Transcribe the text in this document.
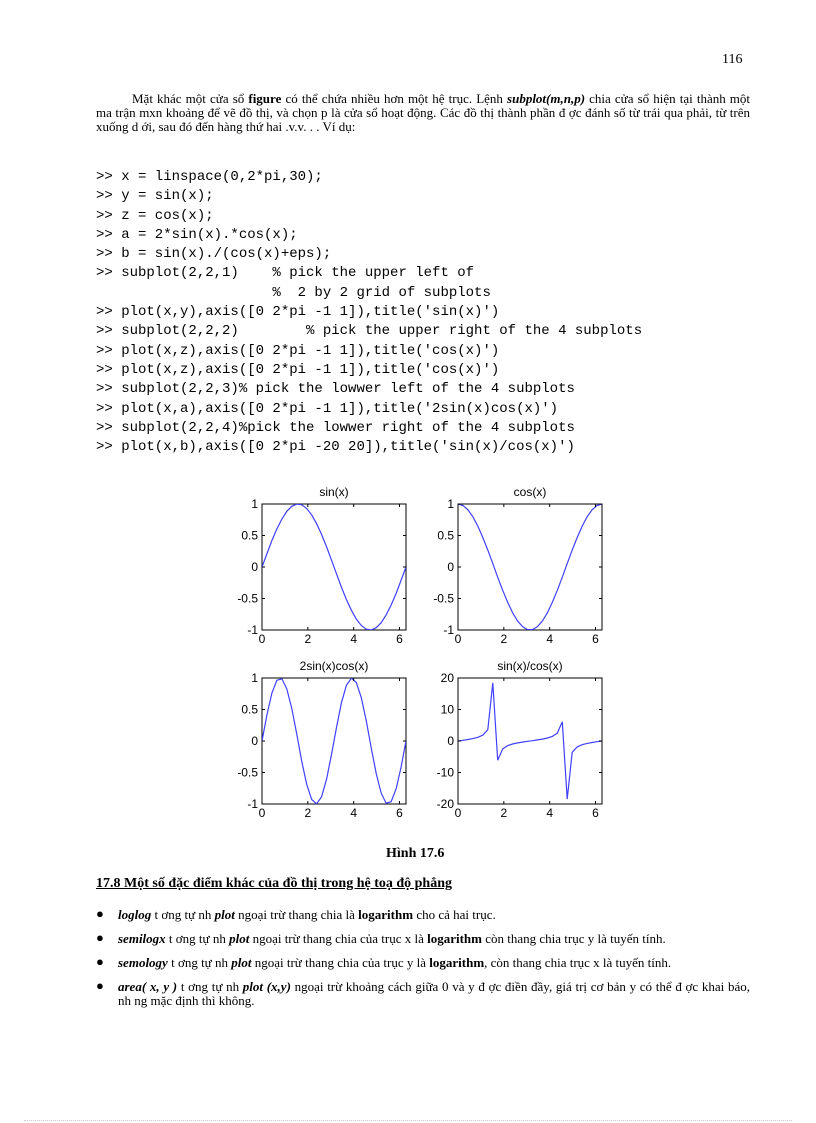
116

Mặt khác một cửa sổ figure có thể chứa nhiều hơn một hệ trục. Lệnh subplot(m,n,p) chia cửa sổ hiện tại thành một ma trận mxn khoảng để vẽ đồ thị, và chọn p là cửa sổ hoạt động. Các đồ thị thành phần đ ợc đánh số từ trái qua phải, từ trên xuống d ới, sau đó đến hàng thứ hai .v.v. . . Ví dụ:

>> x = linspace(0,2*pi,30);
>> y = sin(x);
>> z = cos(x);
>> a = 2*sin(x).*cos(x);
>> b = sin(x)./(cos(x)+eps);
>> subplot(2,2,1)    % pick the upper left of
%  2 by 2 grid of subplots
>> plot(x,y),axis([0 2*pi -1 1]),title('sin(x)')
>> subplot(2,2,2)        % pick the upper right of the 4 subplots
>> plot(x,z),axis([0 2*pi -1 1]),title('cos(x)')
>> plot(x,z),axis([0 2*pi -1 1]),title('cos(x)')
>> subplot(2,2,3)% pick the lowwer left of the 4 subplots
>> plot(x,a),axis([0 2*pi -1 1]),title('2sin(x)cos(x)')
>> subplot(2,2,4)%pick the lowwer right of the 4 subplots
>> plot(x,b),axis([0 2*pi -20 20]),title('sin(x)/cos(x)')
sin(x)
0	2	4	6
1
0.5
0
-0.5
-1
cos(x)
0	2	4	6
1
0.5
0
-0.5
-1
2sin(x)cos(x)
0	2	4	6
1
0.5
0
-0.5
-1
sin(x)/cos(x)
0	2	4	6
20
10
0
-10
-20
Hình 17.6
17.8 Một số đặc điểm khác của đồ thị trong hệ toạ độ phẳng
● loglog t ơng tự nh plot ngoại trừ thang chia là logarithm cho cả hai trục.
● semilogx t ơng tự nh plot ngoại trừ thang chia của trục x là logarithm còn thang chia trục y là tuyến tính.
● semology t ơng tự nh plot ngoại trừ thang chia của trục y là logarithm, còn thang chia trục x là tuyến tính.
● area( x, y ) t ơng tự nh plot (x,y) ngoại trừ khoảng cách giữa 0 và y đ ợc điền đầy, giá trị cơ bản y có thể đ ợc khai báo, nh ng mặc định thì không.
